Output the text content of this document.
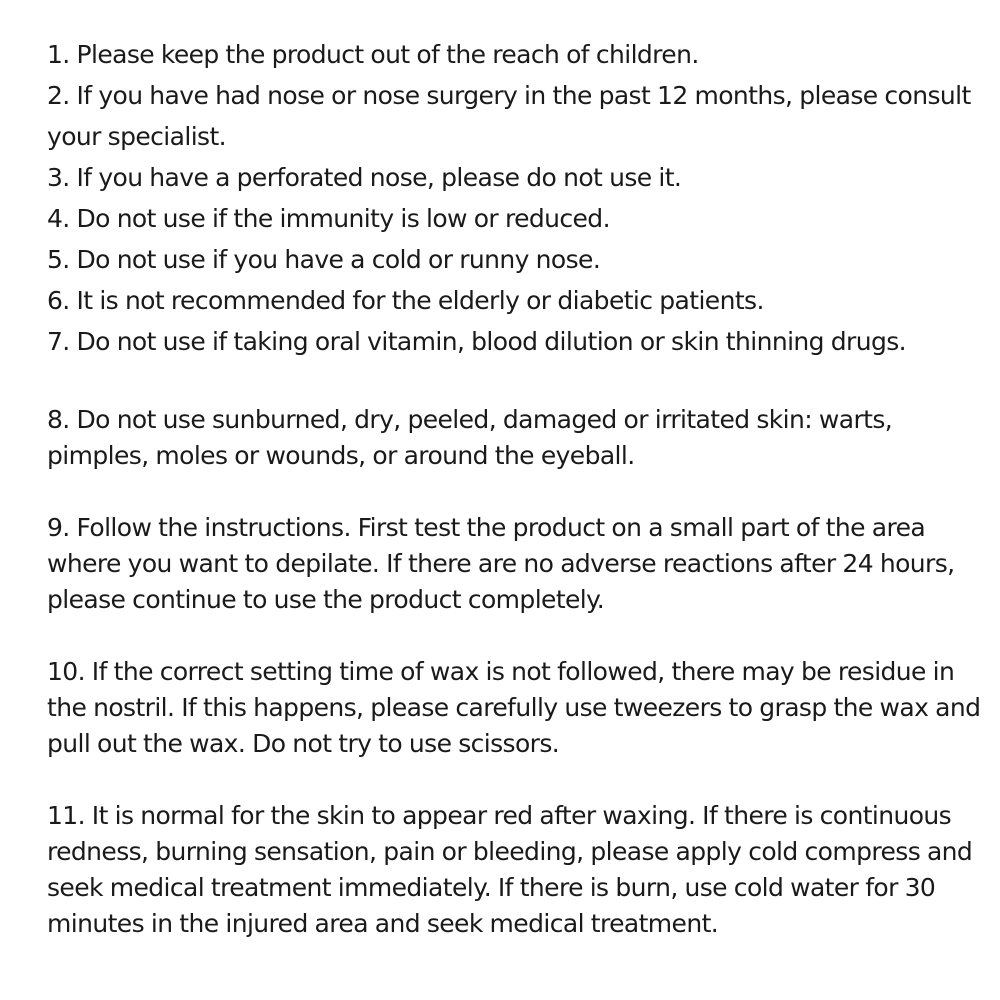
1. Please keep the product out of the reach of children.

2. If you have had nose or nose surgery in the past 12 months, please consult your specialist.

3. If you have a perforated nose, please do not use it.

4. Do not use if the immunity is low or reduced.

5. Do not use if you have a cold or runny nose.

6. It is not recommended for the elderly or diabetic patients.

7. Do not use if taking oral vitamin, blood dilution or skin thinning drugs.

8. Do not use sunburned, dry, peeled, damaged or irritated skin: warts, pimples, moles or wounds, or around the eyeball.

9. Follow the instructions. First test the product on a small part of the area where you want to depilate. If there are no adverse reactions after 24 hours, please continue to use the product completely.

10. If the correct setting time of wax is not followed, there may be residue in the nostril. If this happens, please carefully use tweezers to grasp the wax and pull out the wax. Do not try to use scissors.

11. It is normal for the skin to appear red after waxing. If there is continuous redness, burning sensation, pain or bleeding, please apply cold compress and seek medical treatment immediately. If there is burn, use cold water for 30 minutes in the injured area and seek medical treatment.
